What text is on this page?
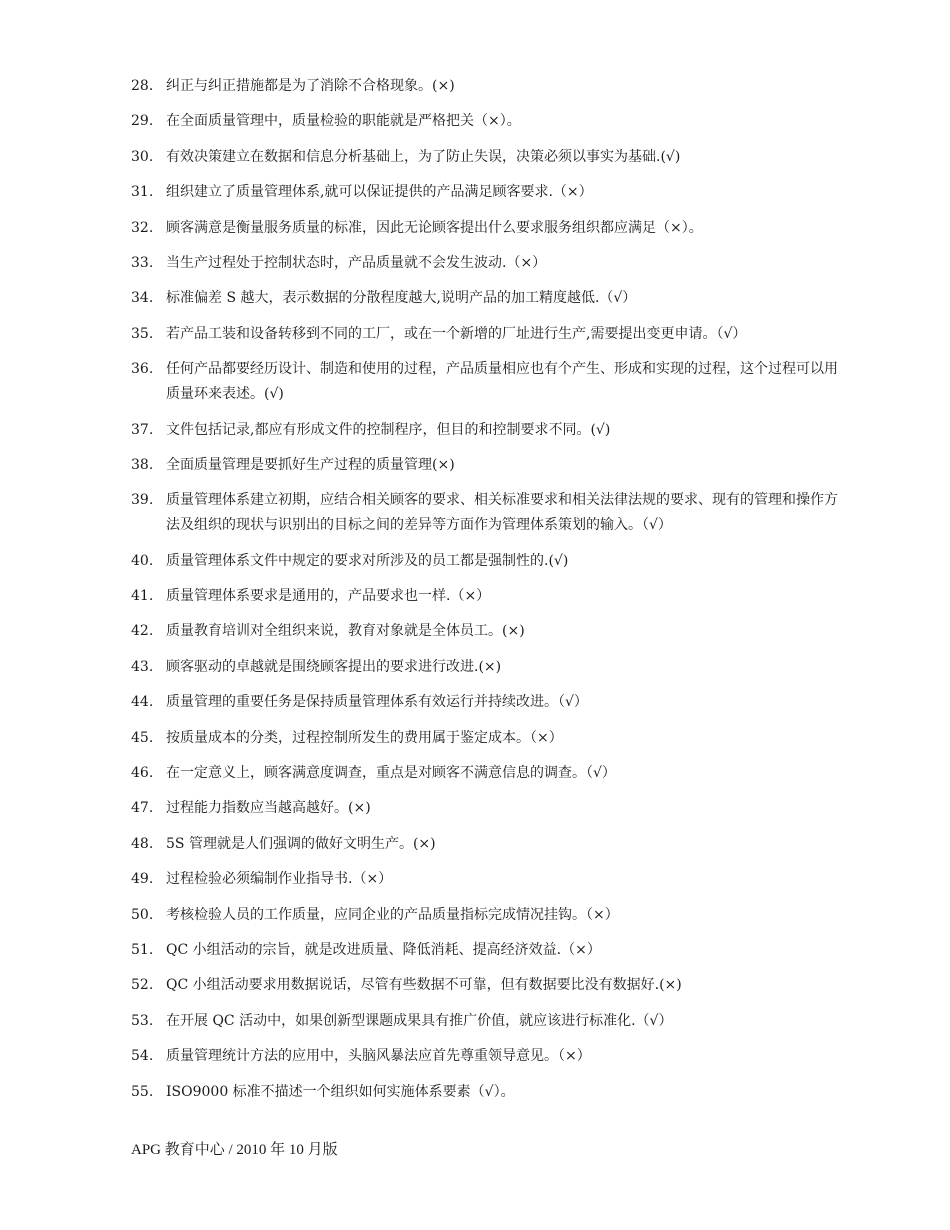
28. 纠正与纠正措施都是为了消除不合格现象。(×)
29. 在全面质量管理中，质量检验的职能就是严格把关（×）。
30. 有效决策建立在数据和信息分析基础上，为了防止失误，决策必须以事实为基础.(√)
31. 组织建立了质量管理体系,就可以保证提供的产品满足顾客要求.（×）
32. 顾客满意是衡量服务质量的标准，因此无论顾客提出什么要求服务组织都应满足（×）。
33. 当生产过程处于控制状态时，产品质量就不会发生波动.（×）
34. 标准偏差 S 越大，表示数据的分散程度越大,说明产品的加工精度越低.（√）
35. 若产品工装和设备转移到不同的工厂，或在一个新增的厂址进行生产,需要提出变更申请。（√）
36. 任何产品都要经历设计、制造和使用的过程，产品质量相应也有个产生、形成和实现的过程，这个过程可以用质量环来表述。(√)
37. 文件包括记录,都应有形成文件的控制程序，但目的和控制要求不同。(√)
38. 全面质量管理是要抓好生产过程的质量管理(×)
39. 质量管理体系建立初期，应结合相关顾客的要求、相关标准要求和相关法律法规的要求、现有的管理和操作方法及组织的现状与识别出的目标之间的差异等方面作为管理体系策划的输入。（√）
40. 质量管理体系文件中规定的要求对所涉及的员工都是强制性的.(√)
41. 质量管理体系要求是通用的，产品要求也一样.（×）
42. 质量教育培训对全组织来说，教育对象就是全体员工。(×)
43. 顾客驱动的卓越就是围绕顾客提出的要求进行改进.(×)
44. 质量管理的重要任务是保持质量管理体系有效运行并持续改进。（√）
45. 按质量成本的分类，过程控制所发生的费用属于鉴定成本。（×）
46. 在一定意义上，顾客满意度调查，重点是对顾客不满意信息的调查。（√）
47. 过程能力指数应当越高越好。(×)
48. 5S 管理就是人们强调的做好文明生产。(×)
49. 过程检验必须编制作业指导书.（×）
50. 考核检验人员的工作质量，应同企业的产品质量指标完成情况挂钩。（×）
51. QC 小组活动的宗旨，就是改进质量、降低消耗、提高经济效益.（×）
52. QC 小组活动要求用数据说话，尽管有些数据不可靠，但有数据要比没有数据好.(×)
53. 在开展 QC 活动中，如果创新型课题成果具有推广价值，就应该进行标准化.（√）
54. 质量管理统计方法的应用中，头脑风暴法应首先尊重领导意见。（×）
55. ISO9000 标准不描述一个组织如何实施体系要素（√）。
APG 教育中心 / 2010 年 10 月版
